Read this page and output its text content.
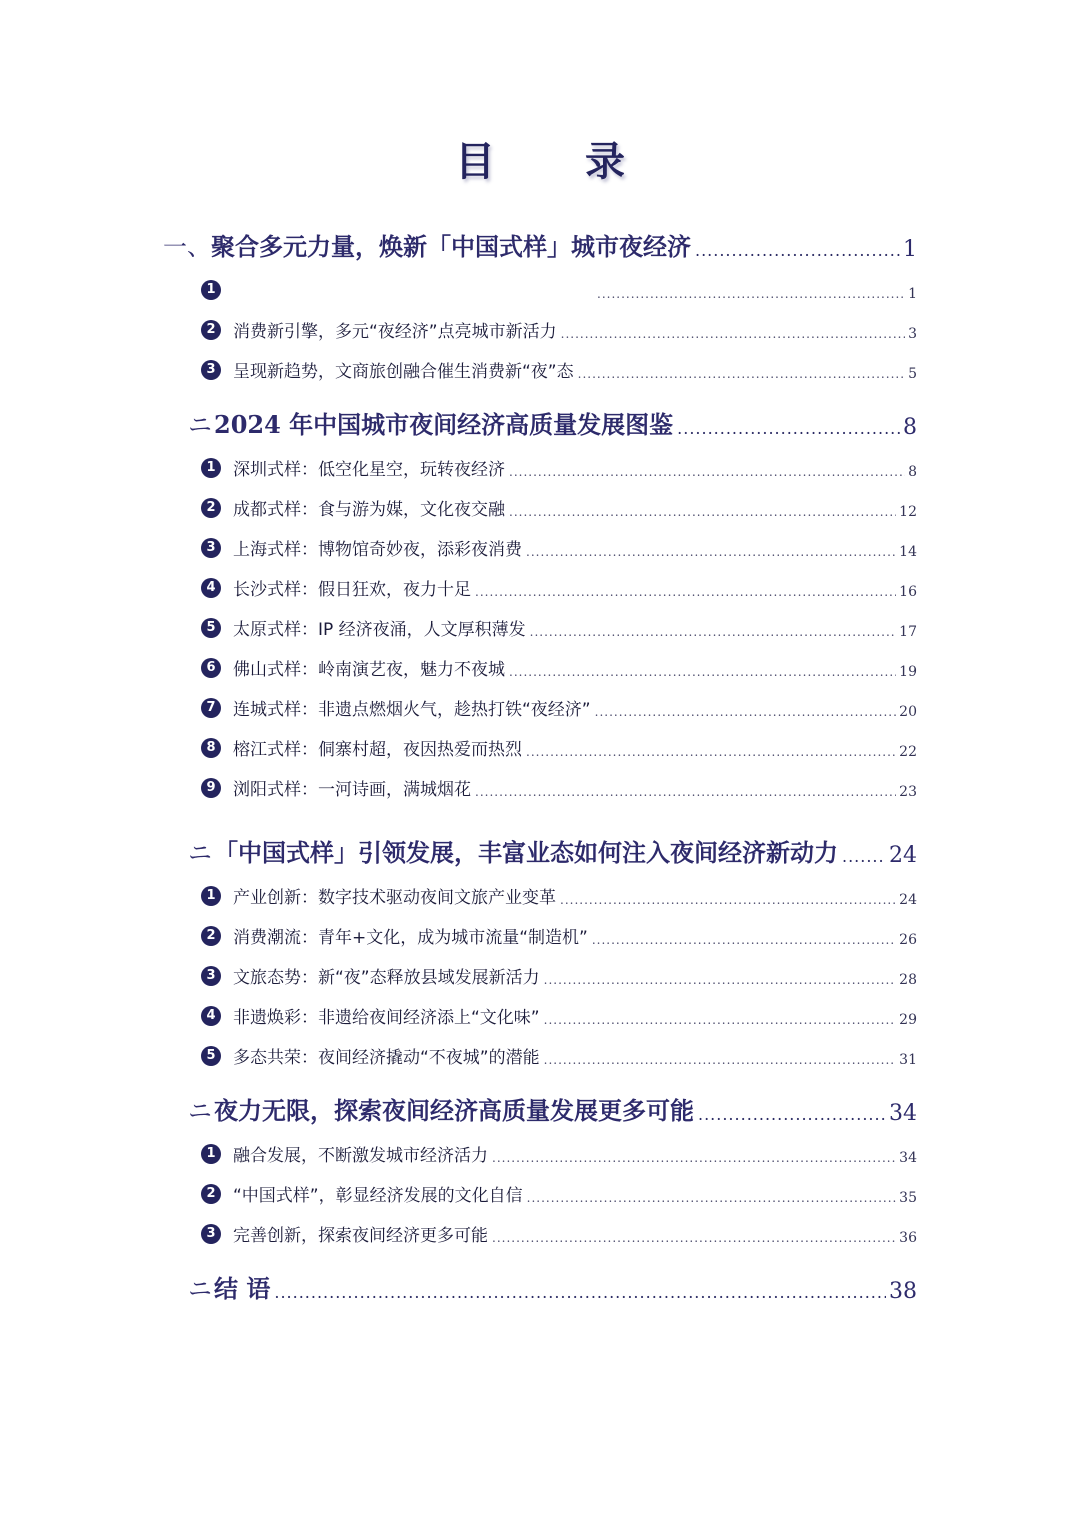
目 录
一、 聚合多元力量，焕新「中国式样」城市夜经济 .....	1
1 .....	1
2	消费新引擎，多元“夜经济”点亮城市新活力 .....	3
3	呈现新趋势，文商旅创融合催生消费新“夜”态 .....	5
ニ 2024 年中国城市夜间经济高质量发展图鉴 .....	8
1	深圳式样：低空化星空，玩转夜经济 .....	8
2	成都式样：食与游为媒，文化夜交融 .....	12
3	上海式样：博物馆奇妙夜，添彩夜消费 .....	14
4	长沙式样：假日狂欢，夜力十足 .....	16
5	太原式样：IP 经济夜涌，人文厚积薄发 .....	17
6	佛山式样：岭南演艺夜，魅力不夜城 .....	19
7	连城式样：非遗点燃烟火气，趁热打铁“夜经济” .....	20
8	榕江式样：侗寨村超，夜因热爱而热烈 .....	22
9	浏阳式样：一河诗画，满城烟花 .....	23
ニ 「中国式样」引领发展，丰富业态如何注入夜间经济新动力 ..... 24
1	产业创新：数字技术驱动夜间文旅产业变革 .....	24
2	消费潮流：青年+文化，成为城市流量“制造机” .....	26
3	文旅态势：新“夜”态释放县域发展新活力 .....	28
4	非遗焕彩：非遗给夜间经济添上“文化味” .....	29
5	多态共荣：夜间经济撬动“不夜城”的潜能 .....	31
ニ 夜力无限，探索夜间经济高质量发展更多可能 .....	34
1	融合发展，不断激发城市经济活力 .....	34
2	“中国式样”，彰显经济发展的文化自信 .....	35
3	完善创新，探索夜间经济更多可能 .....	36
ニ 结 语 .....	38
